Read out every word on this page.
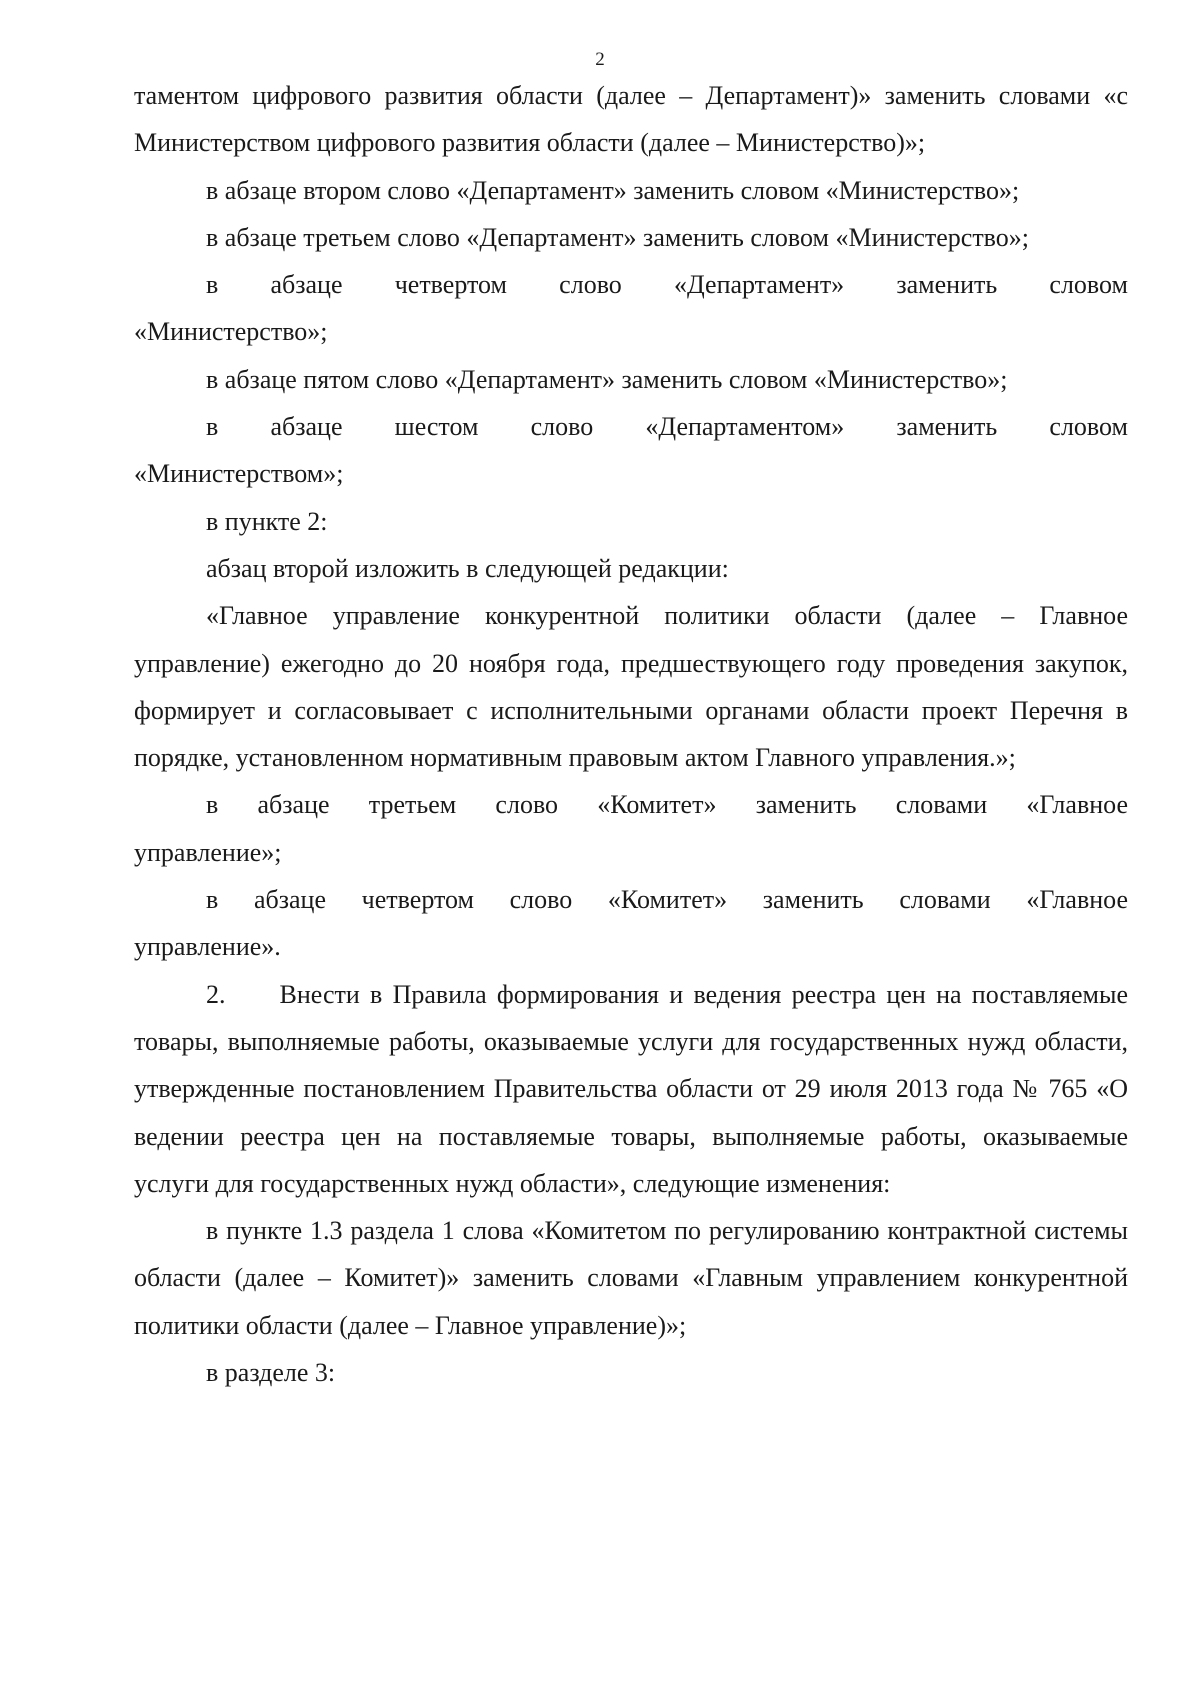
2

таментом цифрового развития области (далее – Департамент)» заменить словами «с Министерством цифрового развития области (далее – Министерство)»;

в абзаце втором слово «Департамент» заменить словом «Министерство»;

в абзаце третьем слово «Департамент» заменить словом «Министерство»;

в абзаце четвертом слово «Департамент» заменить словом

«Министерство»;

в абзаце пятом слово «Департамент» заменить словом «Министерство»;

в абзаце шестом слово «Департаментом» заменить словом

«Министерством»;

в пункте 2:

абзац второй изложить в следующей редакции:

«Главное управление конкурентной политики области (далее – Главное управление) ежегодно до 20 ноября года, предшествующего году проведения закупок, формирует и согласовывает с исполнительными органами области проект Перечня в порядке, установленном нормативным правовым актом Главного управления.»;

в абзаце третьем слово «Комитет» заменить словами «Главное

управление»;

в абзаце четвертом слово «Комитет» заменить словами «Главное

управление».

2. Внести в Правила формирования и ведения реестра цен на поставляемые товары, выполняемые работы, оказываемые услуги для государственных нужд области, утвержденные постановлением Правительства области от 29 июля 2013 года № 765 «О ведении реестра цен на поставляемые товары, выполняемые работы, оказываемые услуги для государственных нужд области», следующие изменения:

в пункте 1.3 раздела 1 слова «Комитетом по регулированию контрактной системы области (далее – Комитет)» заменить словами «Главным управлением конкурентной политики области (далее – Главное управление)»;

в разделе 3:
